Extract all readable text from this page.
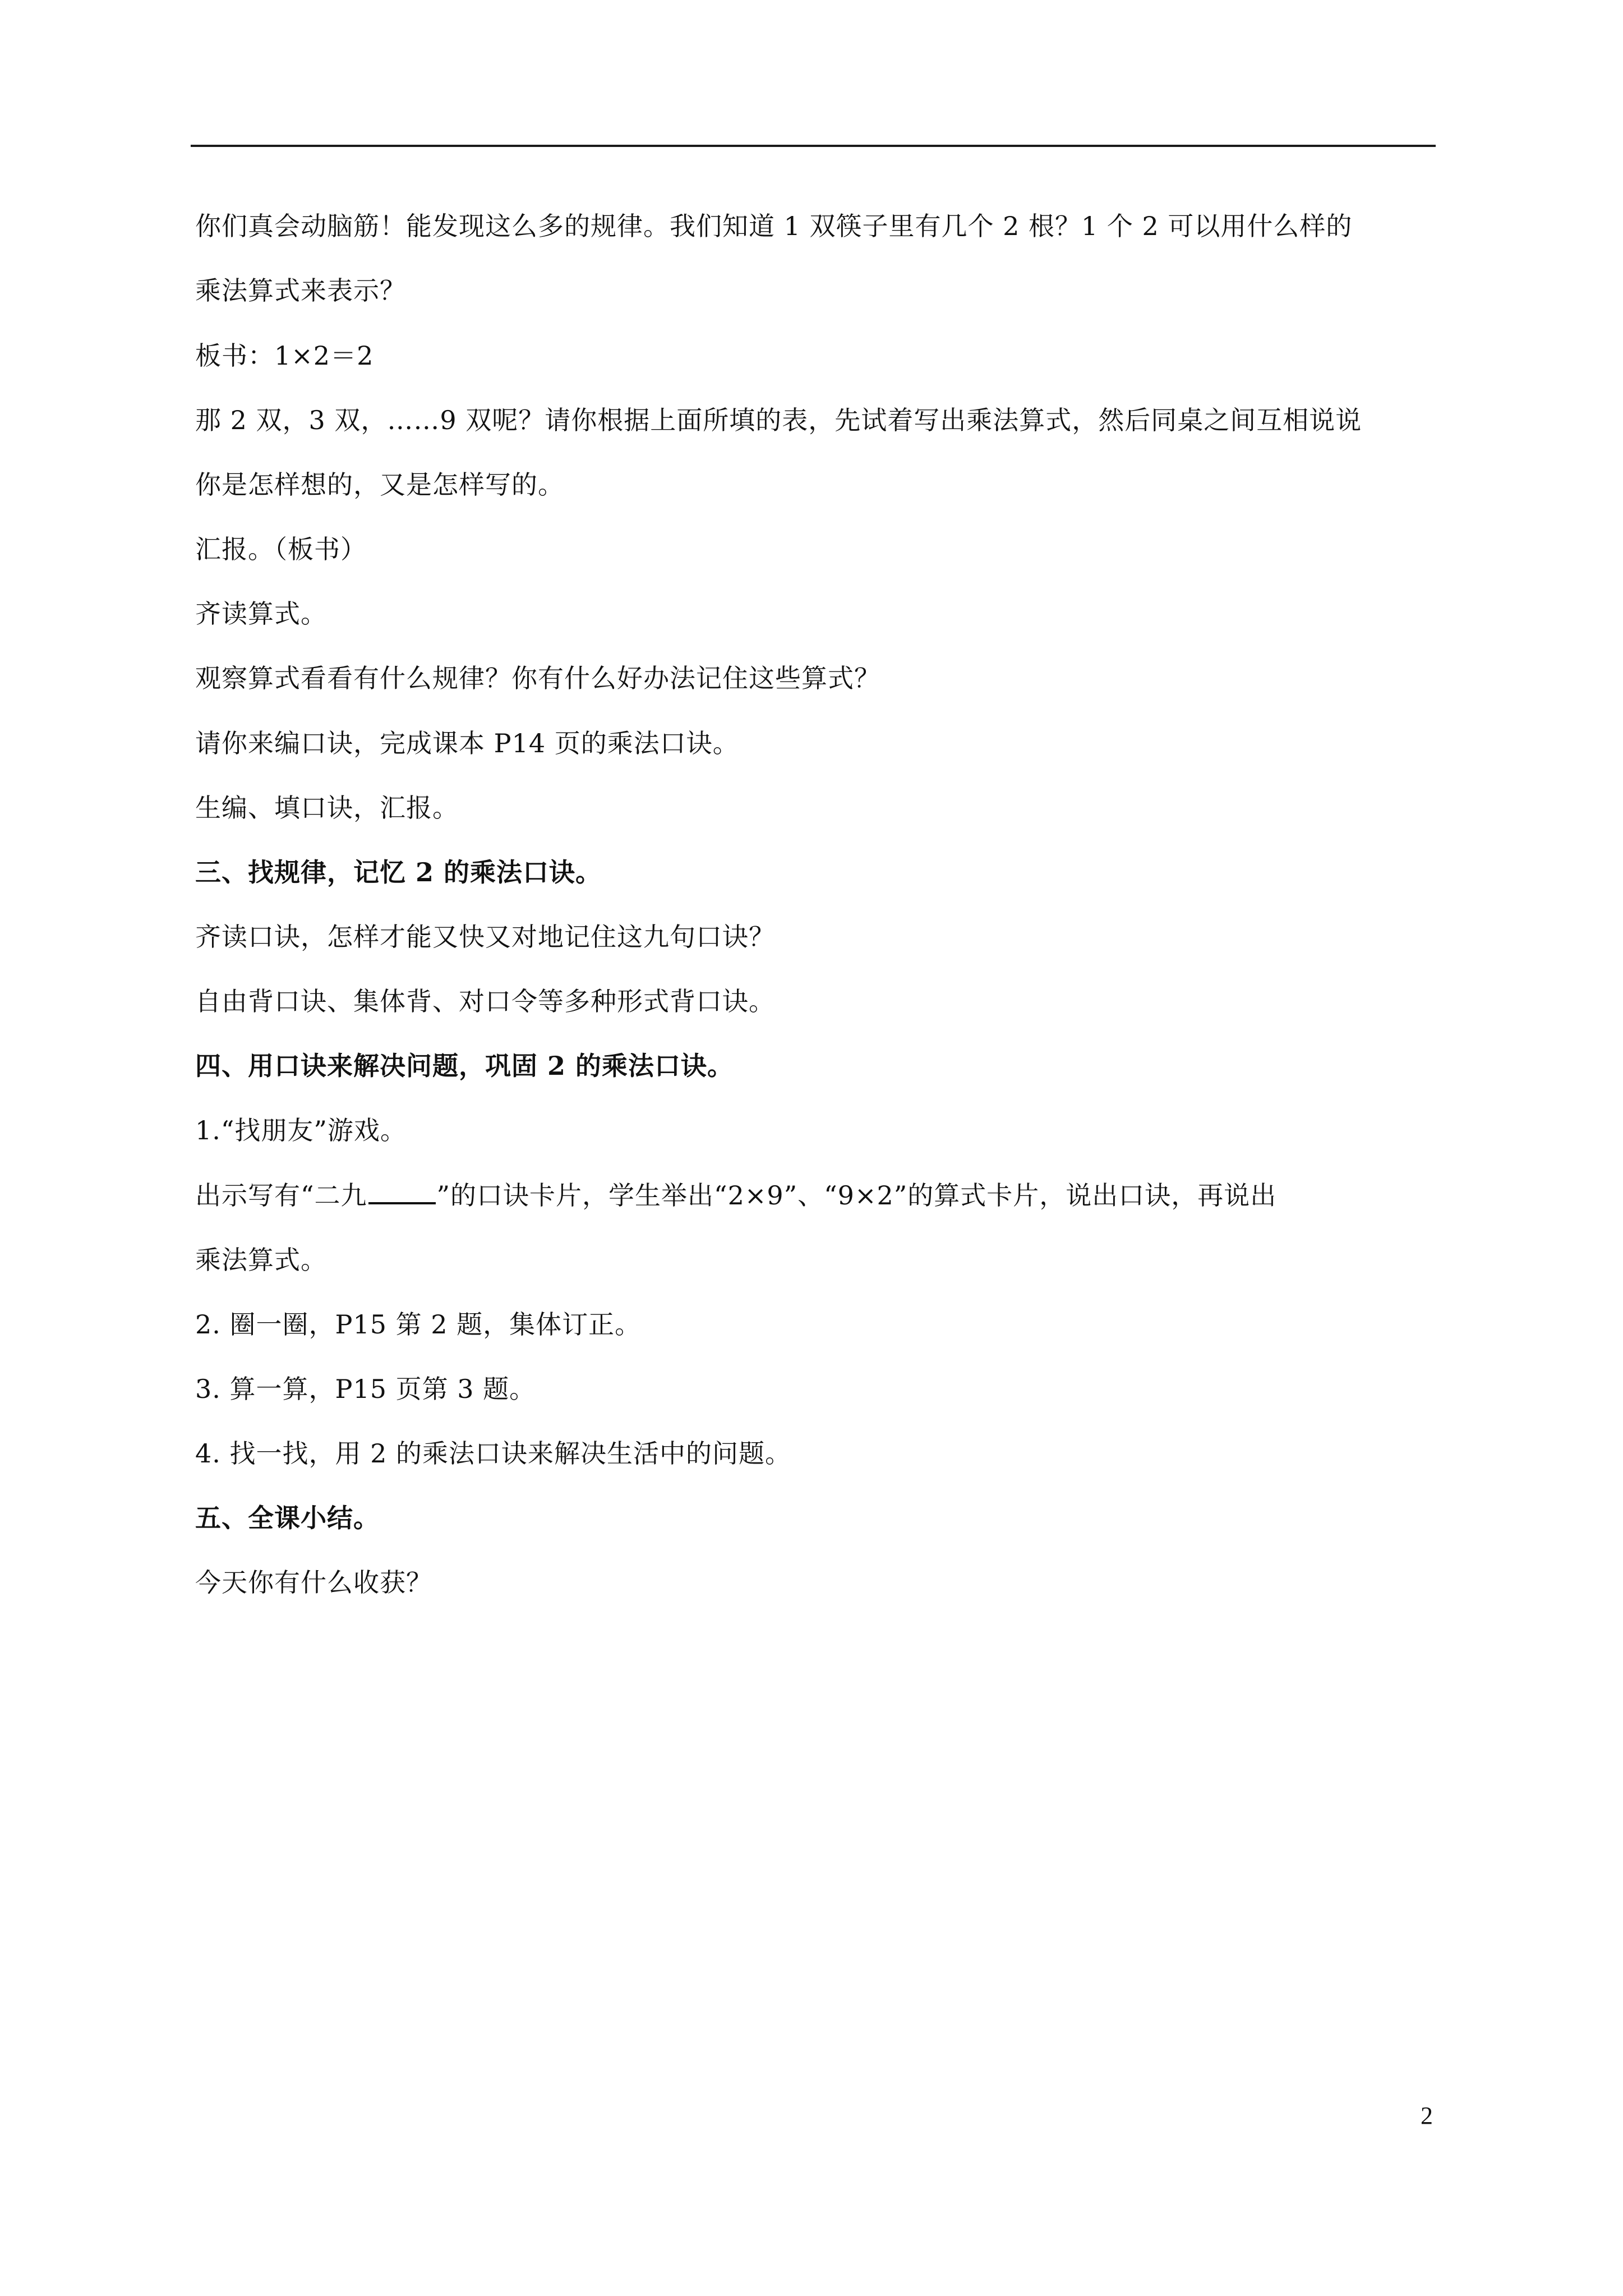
你们真会动脑筋！能发现这么多的规律。我们知道 1 双筷子里有几个 2 根？1 个 2 可以用什么样的
乘法算式来表示？
板书：1×2＝2
那 2 双，3 双，……9 双呢？请你根据上面所填的表，先试着写出乘法算式，然后同桌之间互相说说
你是怎样想的，又是怎样写的。
汇报。（板书）
齐读算式。
观察算式看看有什么规律？你有什么好办法记住这些算式？
请你来编口诀，完成课本 P14 页的乘法口诀。
生编、填口诀，汇报。
三、找规律，记忆 2 的乘法口诀。
齐读口诀，怎样才能又快又对地记住这九句口诀？
自由背口诀、集体背、对口令等多种形式背口诀。
四、用口诀来解决问题，巩固 2 的乘法口诀。
1.“找朋友”游戏。
出示写有“二九	”的口诀卡片，学生举出“2×9”、“9×2”的算式卡片，说出口诀，再说出
乘法算式。
2. 圈一圈，P15 第 2 题，集体订正。
3. 算一算，P15 页第 3 题。
4. 找一找，用 2 的乘法口诀来解决生活中的问题。
五、全课小结。
今天你有什么收获？
2
